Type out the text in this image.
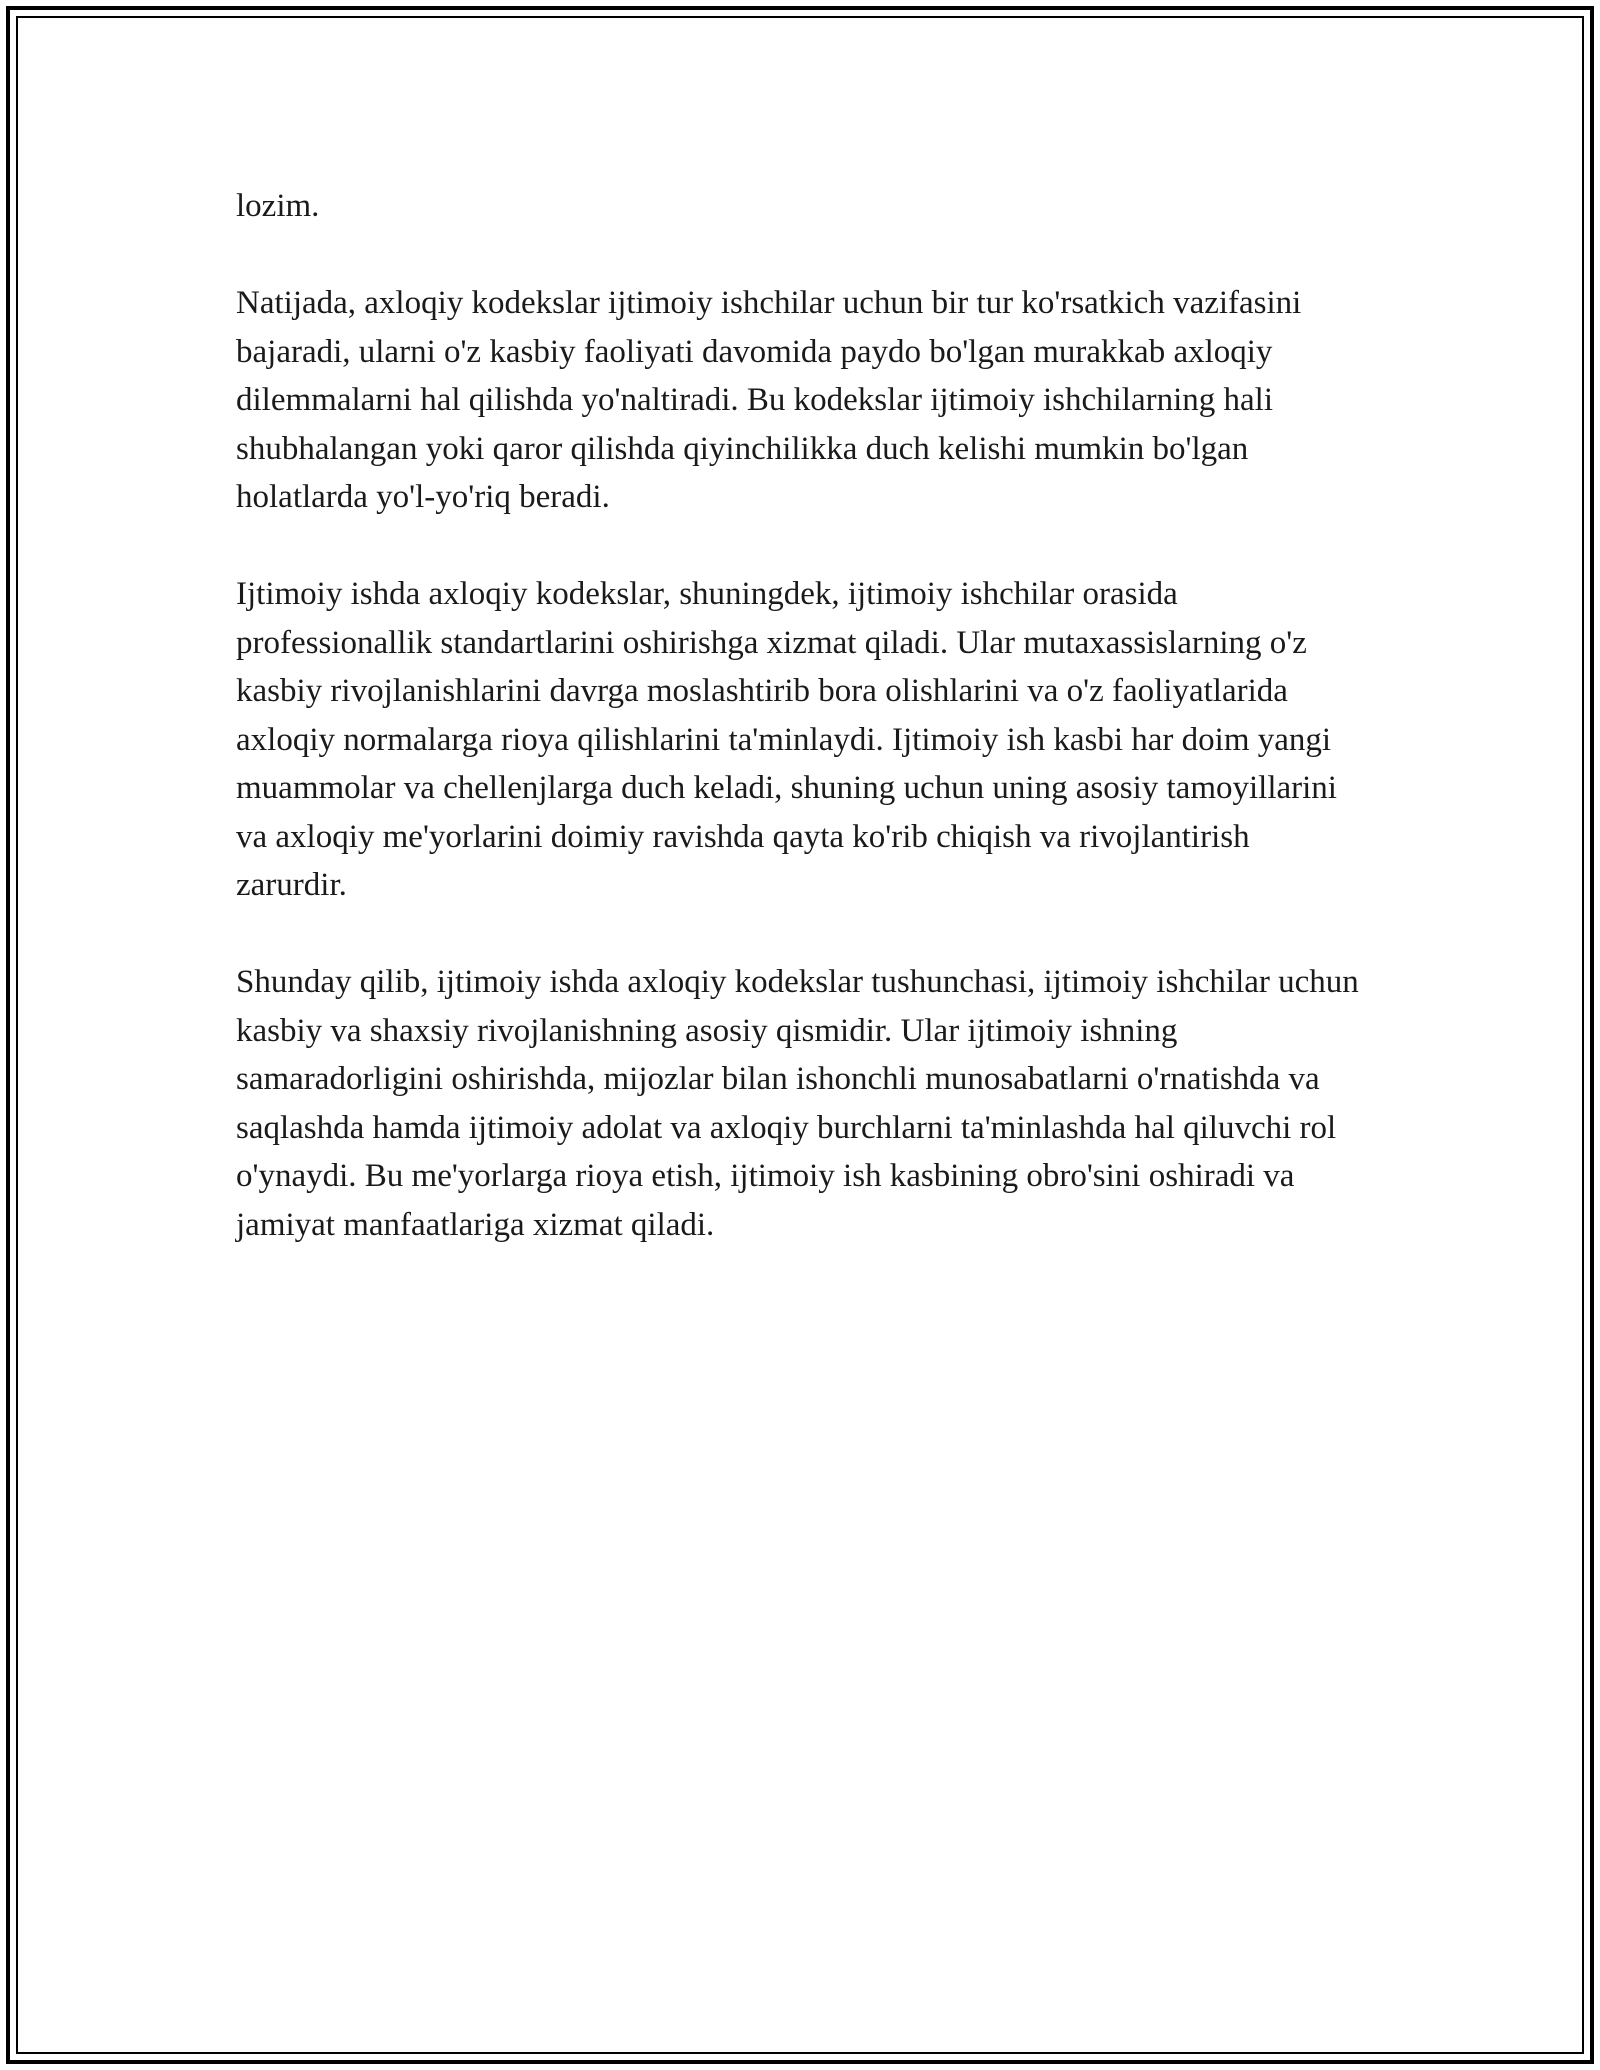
lozim.

Natijada, axloqiy kodekslar ijtimoiy ishchilar uchun bir tur ko'rsatkich vazifasini bajaradi, ularni o'z kasbiy faoliyati davomida paydo bo'lgan murakkab axloqiy dilemmalarni hal qilishda yo'naltiradi. Bu kodekslar ijtimoiy ishchilarning hali shubhalangan yoki qaror qilishda qiyinchilikka duch kelishi mumkin bo'lgan holatlarda yo'l-yo'riq beradi.

Ijtimoiy ishda axloqiy kodekslar, shuningdek, ijtimoiy ishchilar orasida professionallik standartlarini oshirishga xizmat qiladi. Ular mutaxassislarning o'z kasbiy rivojlanishlarini davrga moslashtirib bora olishlarini va o'z faoliyatlarida axloqiy normalarga rioya qilishlarini ta'minlaydi. Ijtimoiy ish kasbi har doim yangi muammolar va chellenjlarga duch keladi, shuning uchun uning asosiy tamoyillarini va axloqiy me'yorlarini doimiy ravishda qayta ko'rib chiqish va rivojlantirish zarurdir.

Shunday qilib, ijtimoiy ishda axloqiy kodekslar tushunchasi, ijtimoiy ishchilar uchun kasbiy va shaxsiy rivojlanishning asosiy qismidir. Ular ijtimoiy ishning samaradorligini oshirishda, mijozlar bilan ishonchli munosabatlarni o'rnatishda va saqlashda hamda ijtimoiy adolat va axloqiy burchlarni ta'minlashda hal qiluvchi rol o'ynaydi. Bu me'yorlarga rioya etish, ijtimoiy ish kasbining obro'sini oshiradi va jamiyat manfaatlariga xizmat qiladi.
